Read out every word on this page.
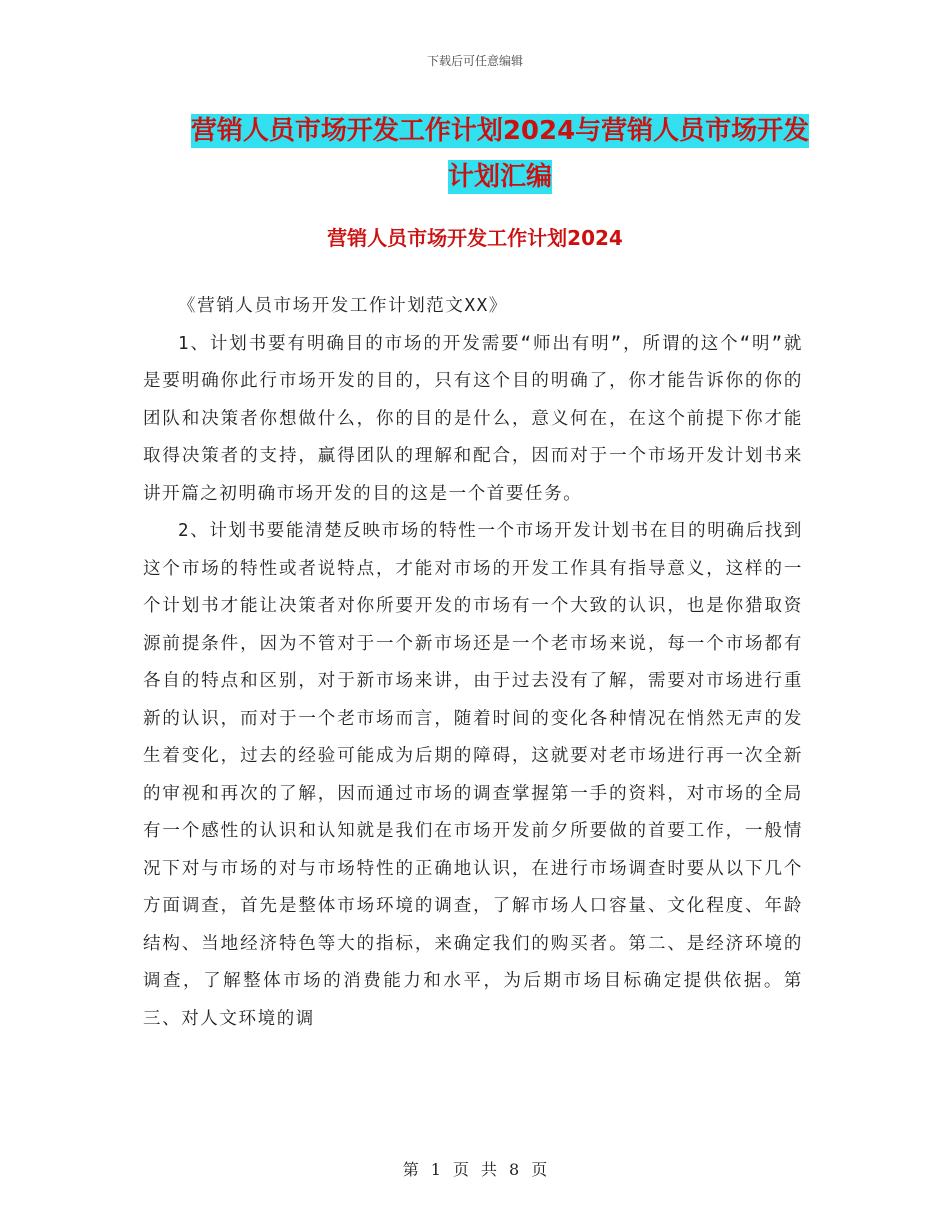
下载后可任意编辑
营销人员市场开发工作计划2024与营销人员市场开发
计划汇编
营销人员市场开发工作计划2024

《营销人员市场开发工作计划范文XX》

1、计划书要有明确目的市场的开发需要“师出有明”，所谓的这个“明”就是要明确你此行市场开发的目的，只有这个目的明确了，你才能告诉你的你的团队和决策者你想做什么，你的目的是什么，意义何在，在这个前提下你才能取得决策者的支持，赢得团队的理解和配合，因而对于一个市场开发计划书来讲开篇之初明确市场开发的目的这是一个首要任务。

2、计划书要能清楚反映市场的特性一个市场开发计划书在目的明确后找到这个市场的特性或者说特点，才能对市场的开发工作具有指导意义，这样的一个计划书才能让决策者对你所要开发的市场有一个大致的认识，也是你猎取资源前提条件，因为不管对于一个新市场还是一个老市场来说，每一个市场都有各自的特点和区别，对于新市场来讲，由于过去没有了解，需要对市场进行重新的认识，而对于一个老市场而言，随着时间的变化各种情况在悄然无声的发生着变化，过去的经验可能成为后期的障碍，这就要对老市场进行再一次全新的审视和再次的了解，因而通过市场的调查掌握第一手的资料，对市场的全局有一个感性的认识和认知就是我们在市场开发前夕所要做的首要工作，一般情况下对与市场的对与市场特性的正确地认识，在进行市场调查时要从以下几个方面调查，首先是整体市场环境的调查，了解市场人口容量、文化程度、年龄结构、当地经济特色等大的指标，来确定我们的购买者。第二、是经济环境的调查，了解整体市场的消费能力和水平，为后期市场目标确定提供依据。第三、对人文环境的调

第 1 页 共 8 页
